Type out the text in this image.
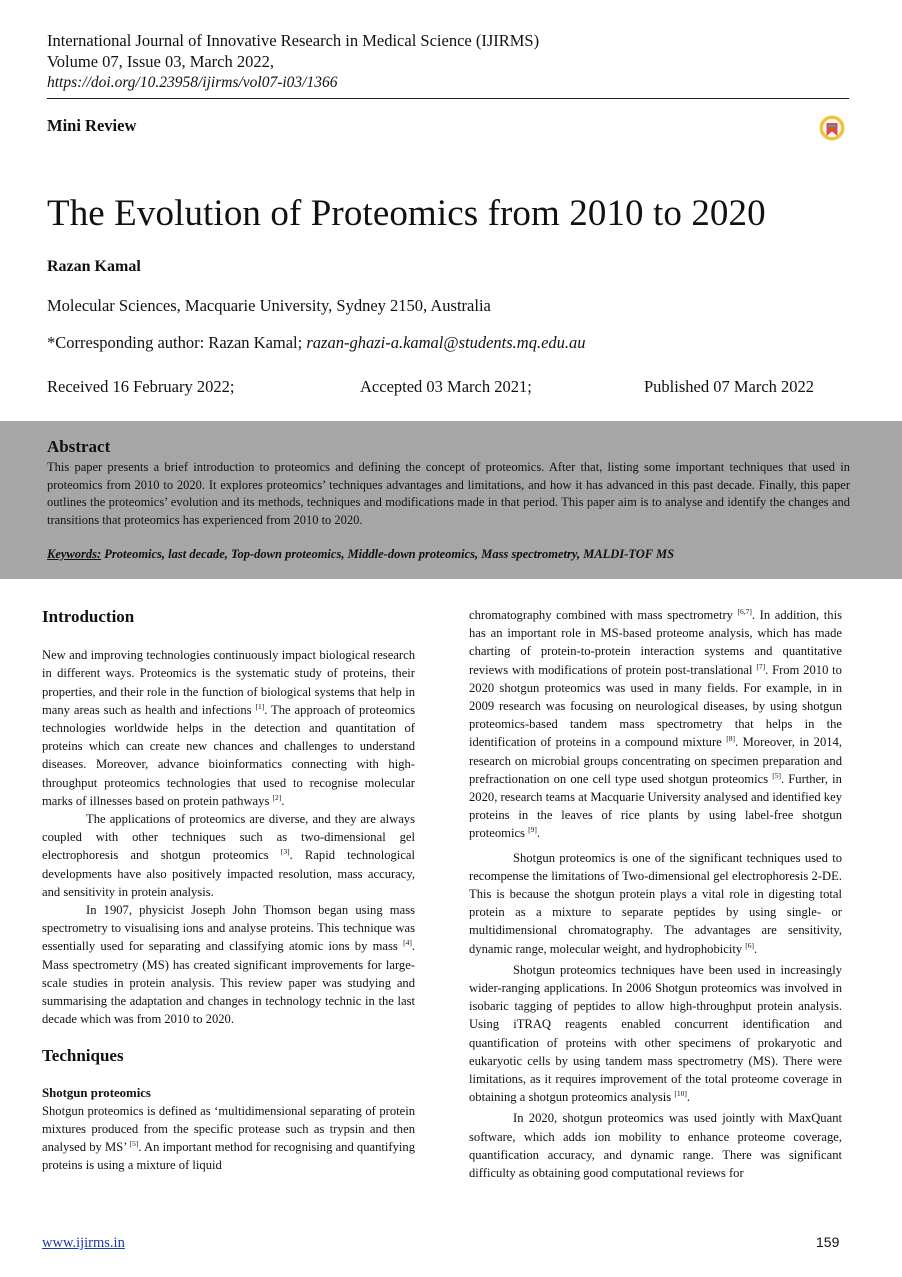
International Journal of Innovative Research in Medical Science (IJIRMS)
Volume 07, Issue 03, March 2022,
https://doi.org/10.23958/ijirms/vol07-i03/1366
Mini Review
The Evolution of Proteomics from 2010 to 2020
Razan Kamal
Molecular Sciences, Macquarie University, Sydney 2150, Australia
*Corresponding author: Razan Kamal; razan-ghazi-a.kamal@students.mq.edu.au
Received 16 February 2022;	Accepted 03 March 2021;	Published 07 March 2022
Abstract
This paper presents a brief introduction to proteomics and defining the concept of proteomics. After that, listing some important techniques that used in proteomics from 2010 to 2020. It explores proteomics’ techniques advantages and limitations, and how it has advanced in this past decade. Finally, this paper outlines the proteomics’ evolution and its methods, techniques and modifications made in that period. This paper aim is to analyse and identify the changes and transitions that proteomics has experienced from 2010 to 2020.
Keywords: Proteomics, last decade, Top-down proteomics, Middle-down proteomics, Mass spectrometry, MALDI-TOF MS
Introduction

New and improving technologies continuously impact biological research in different ways. Proteomics is the systematic study of proteins, their properties, and their role in the function of biological systems that help in many areas such as health and infections [1]. The approach of proteomics technologies worldwide helps in the detection and quantitation of proteins which can create new chances and challenges to understand diseases. Moreover, advance bioinformatics connecting with high-throughput proteomics technologies that used to recognise molecular marks of illnesses based on protein pathways [2].

The applications of proteomics are diverse, and they are always coupled with other techniques such as two-dimensional gel electrophoresis and shotgun proteomics [3]. Rapid technological developments have also positively impacted resolution, mass accuracy, and sensitivity in protein analysis.

In 1907, physicist Joseph John Thomson began using mass spectrometry to visualising ions and analyse proteins. This technique was essentially used for separating and classifying atomic ions by mass [4]. Mass spectrometry (MS) has created significant improvements for large-scale studies in protein analysis. This review paper was studying and summarising the adaptation and changes in technology technic in the last decade which was from 2010 to 2020.

Techniques
Shotgun proteomics

Shotgun proteomics is defined as ‘multidimensional separating of protein mixtures produced from the specific protease such as trypsin and then analysed by MS’ [5]. An important method for recognising and quantifying proteins is using a mixture of liquid

chromatography combined with mass spectrometry [6,7]. In addition, this has an important role in MS-based proteome analysis, which has made charting of protein-to-protein interaction systems and quantitative reviews with modifications of protein post-translational [7]. From 2010 to 2020 shotgun proteomics was used in many fields. For example, in in 2009 research was focusing on neurological diseases, by using shotgun proteomics-based tandem mass spectrometry that helps in the identification of proteins in a compound mixture [8]. Moreover, in 2014, research on microbial groups concentrating on specimen preparation and prefractionation on one cell type used shotgun proteomics [5]. Further, in 2020, research teams at Macquarie University analysed and identified key proteins in the leaves of rice plants by using label-free shotgun proteomics [9].

Shotgun proteomics is one of the significant techniques used to recompense the limitations of Two-dimensional gel electrophoresis 2-DE. This is because the shotgun protein plays a vital role in digesting total protein as a mixture to separate peptides by using single- or multidimensional chromatography. The advantages are sensitivity, dynamic range, molecular weight, and hydrophobicity [6].

Shotgun proteomics techniques have been used in increasingly wider-ranging applications. In 2006 Shotgun proteomics was involved in isobaric tagging of peptides to allow high-throughput protein analysis. Using iTRAQ reagents enabled concurrent identification and quantification of proteins with other specimens of prokaryotic and eukaryotic cells by using tandem mass spectrometry (MS). There were limitations, as it requires improvement of the total proteome coverage in obtaining a shotgun proteomics analysis [10].

In 2020, shotgun proteomics was used jointly with MaxQuant software, which adds ion mobility to enhance proteome coverage, quantification accuracy, and dynamic range. There was significant difficulty as obtaining good computational reviews for

www.ijirms.in	159
